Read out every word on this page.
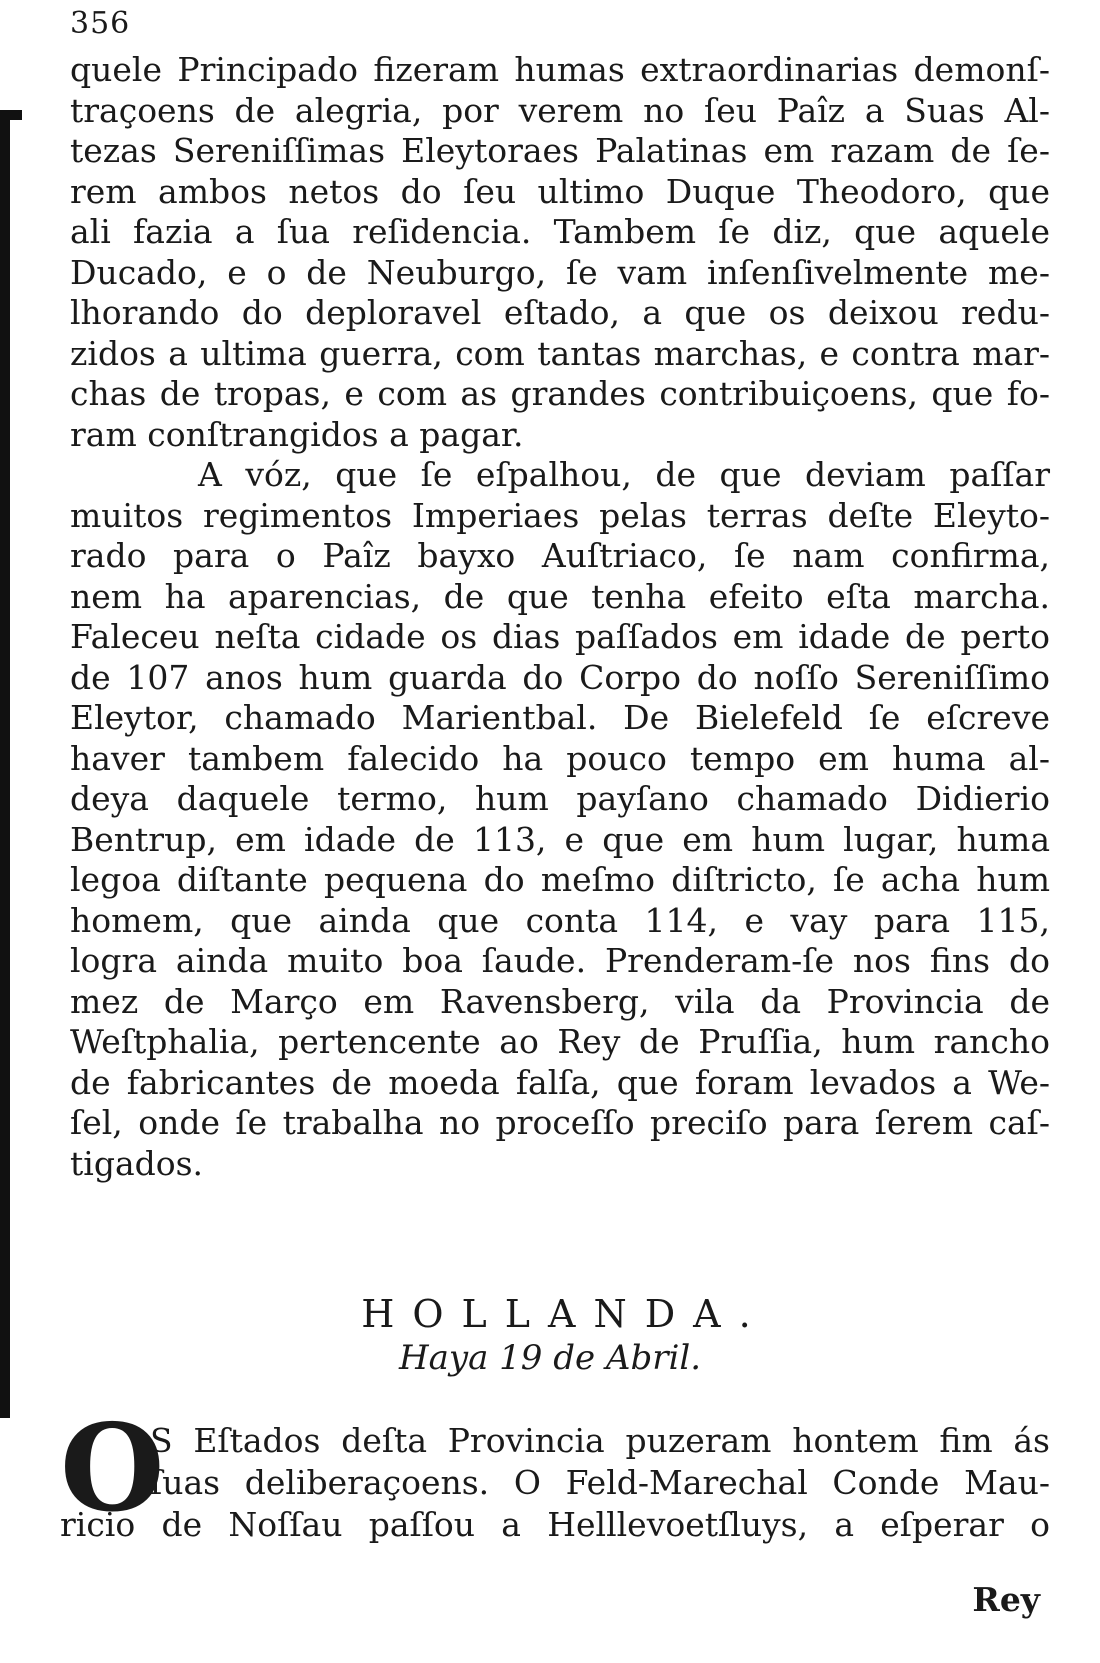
356
quele Principado fizeram humas extraordinarias demonſ-
traçoens de alegria, por verem no ſeu Paîz a Suas Al-
tezas Sereniſſimas Eleytoraes Palatinas em razam de ſe-
rem ambos netos do ſeu ultimo Duque Theodoro, que
ali fazia a ſua reſidencia. Tambem ſe diz, que aquele
Ducado, e o de Neuburgo, ſe vam inſenſivelmente me-
lhorando do deploravel eſtado, a que os deixou redu-
zidos a ultima guerra, com tantas marchas, e contra mar-
chas de tropas, e com as grandes contribuiçoens, que fo-
ram conſtrangidos a pagar.
A vóz, que ſe eſpalhou, de que deviam paſſar
muitos regimentos Imperiaes pelas terras deſte Eleyto-
rado para o Paîz bayxo Auſtriaco, ſe nam confirma,
nem ha aparencias, de que tenha efeito eſta marcha.
Faleceu neſta cidade os dias paſſados em idade de perto
de 107 anos hum guarda do Corpo do noſſo Sereniſſimo
Eleytor, chamado Marientbal. De Bielefeld ſe eſcreve
haver tambem falecido ha pouco tempo em huma al-
deya daquele termo, hum payſano chamado Didierio
Bentrup, em idade de 113, e que em hum lugar, huma
legoa diſtante pequena do meſmo diſtricto, ſe acha hum
homem, que ainda que conta 114, e vay para 115,
logra ainda muito boa ſaude. Prenderam-ſe nos fins do
mez de Março em Ravensberg, vila da Provincia de
Weſtphalia, pertencente ao Rey de Pruſſia, hum rancho
de fabricantes de moeda falſa, que foram levados a We-
ſel, onde ſe trabalha no proceſſo preciſo para ſerem caſ-
tigados.
HOLLANDA.
Haya 19 de Abril.
O
S Eſtados deſta Provincia puzeram hontem fim ás
ſuas deliberaçoens. O Feld-Marechal Conde Mau-
ricio de Noſſau paſſou a Helllevoetſluys, a eſperar o
Rey
